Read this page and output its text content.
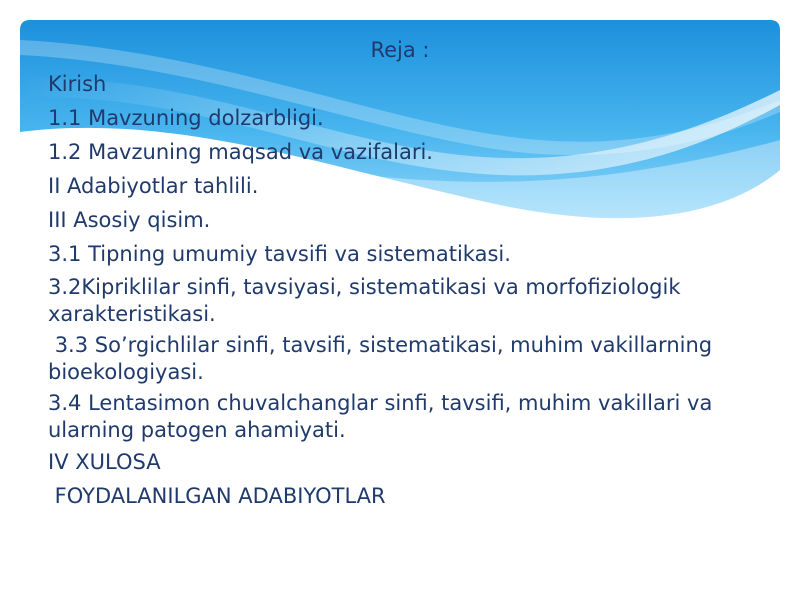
Reja :
Kirish
1.1 Mavzuning dolzarbligi.
1.2 Mavzuning maqsad va vazifalari.
II Adabiyotlar tahlili.
III Asosiy qisim.
3.1 Tipning umumiy tavsifi va sistematikasi.
3.2Kipriklilar sinfi, tavsiyasi, sistematikasi va morfofiziologik xarakteristikasi.
3.3 So’rgichlilar sinfi, tavsifi, sistematikasi, muhim vakillarning bioekologiyasi.
3.4 Lentasimon chuvalchanglar sinfi, tavsifi, muhim vakillari va ularning patogen ahamiyati.
IV XULOSA
FOYDALANILGAN ADABIYOTLAR
